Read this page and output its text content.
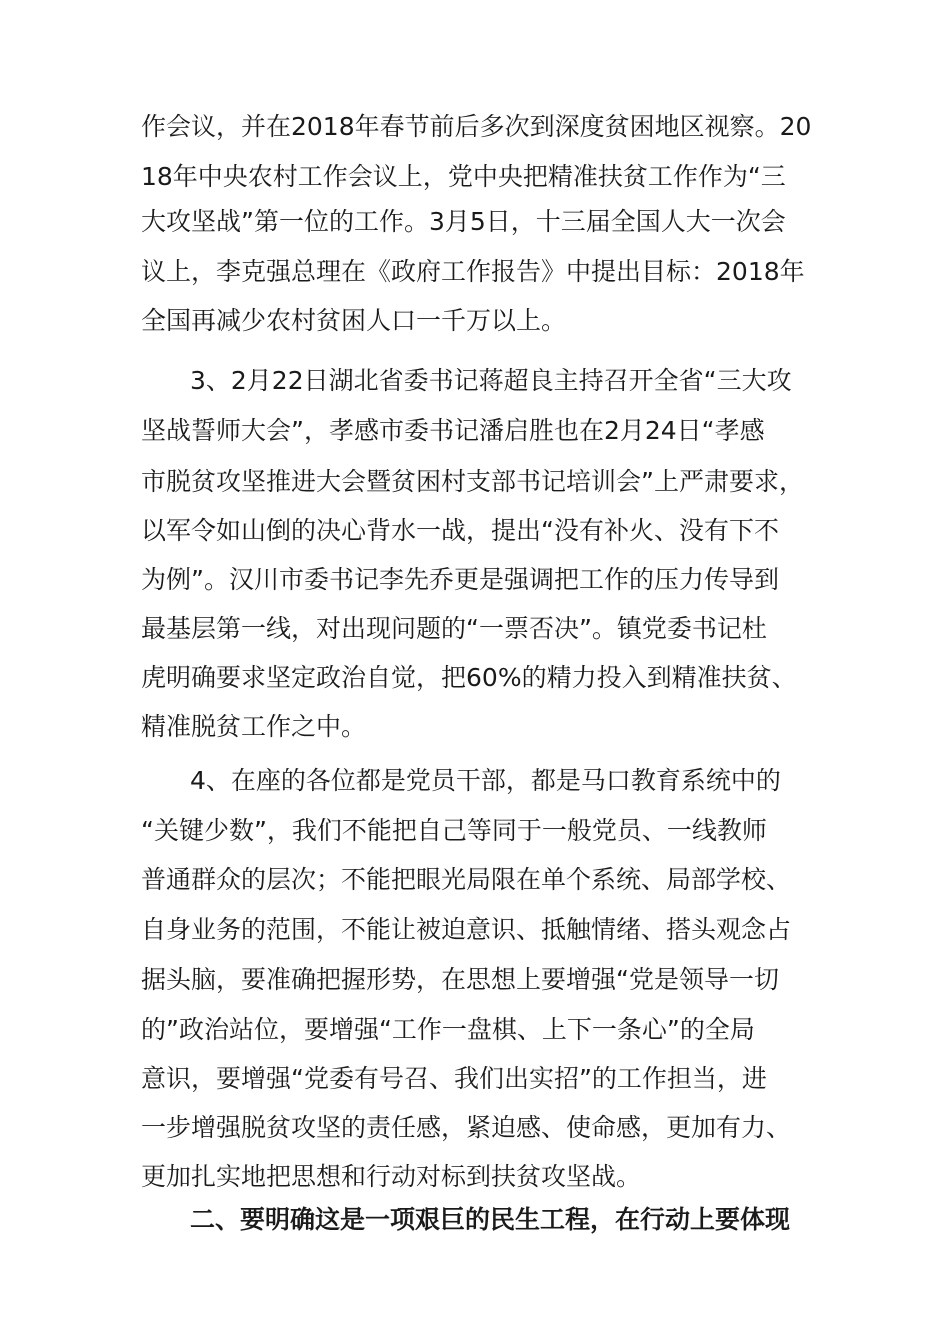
作会议，并在2018年春节前后多次到深度贫困地区视察。20
18年中央农村工作会议上，党中央把精准扶贫工作作为“三
大攻坚战”第一位的工作。3月5日，十三届全国人大一次会
议上，李克强总理在《政府工作报告》中提出目标：2018年
全国再减少农村贫困人口一千万以上。
3、2月22日湖北省委书记蒋超良主持召开全省“三大攻
坚战誓师大会”，孝感市委书记潘启胜也在2月24日“孝感
市脱贫攻坚推进大会暨贫困村支部书记培训会”上严肃要求，
以军令如山倒的决心背水一战，提出“没有补火、没有下不
为例”。汉川市委书记李先乔更是强调把工作的压力传导到
最基层第一线，对出现问题的“一票否决”。镇党委书记杜
虎明确要求坚定政治自觉，把60%的精力投入到精准扶贫、
精准脱贫工作之中。
4、在座的各位都是党员干部，都是马口教育系统中的
“关键少数”，我们不能把自己等同于一般党员、一线教师
普通群众的层次；不能把眼光局限在单个系统、局部学校、
自身业务的范围，不能让被迫意识、抵触情绪、搭头观念占
据头脑，要准确把握形势，在思想上要增强“党是领导一切
的”政治站位，要增强“工作一盘棋、上下一条心”的全局
意识，要增强“党委有号召、我们出实招”的工作担当，进
一步增强脱贫攻坚的责任感，紧迫感、使命感，更加有力、
更加扎实地把思想和行动对标到扶贫攻坚战。
二、要明确这是一项艰巨的民生工程，在行动上要体现
